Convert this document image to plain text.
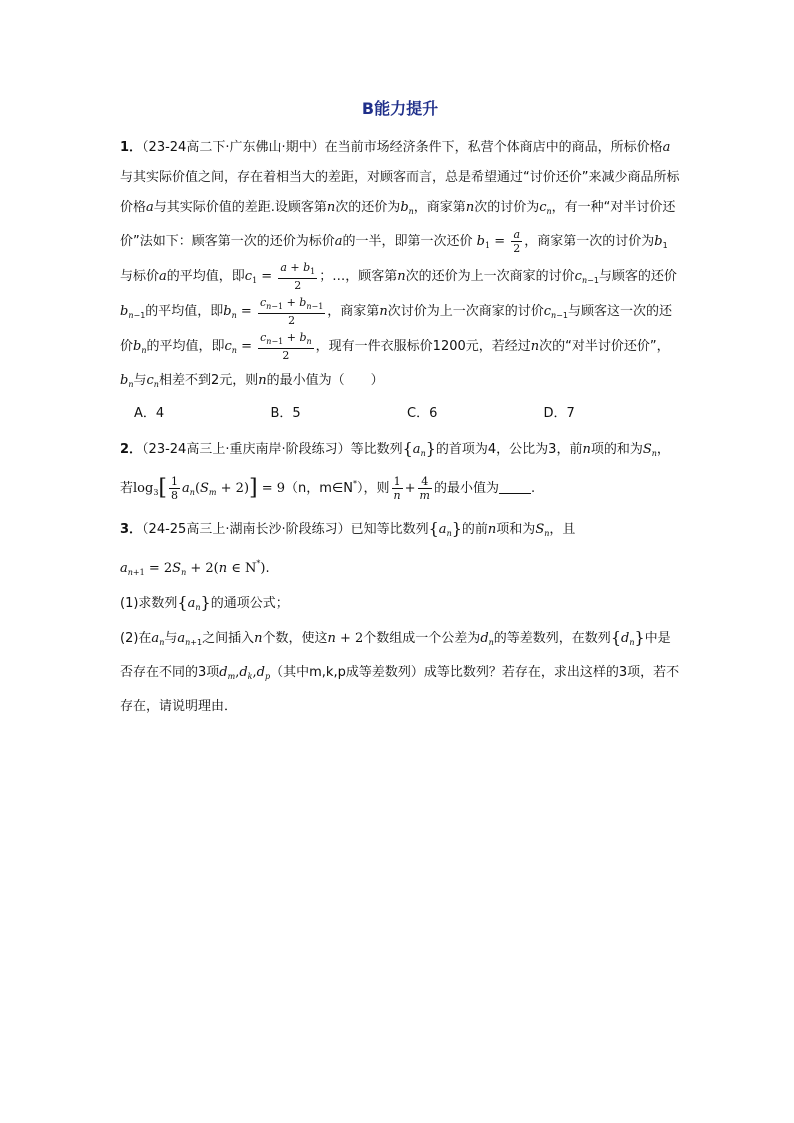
B能力提升
1．（23-24高二下·广东佛山·期中）在当前市场经济条件下，私营个体商店中的商品，所标价格a与其实际价值之间，存在着相当大的差距，对顾客而言，总是希望通过“讨价还价”来减少商品所标价格a与其实际价值的差距.设顾客第n次的还价为$b_n$，商家第n次的讨价为$c_n$，有一种“对半讨价还价”法如下：顾客第一次的还价为标价a的一半，即第一次还价 $b_1 = \frac{a}{2}$ ，商家第一次的讨价为$b_1$与标价a的平均值，即$c_1 = \frac{a + b_1}{2}$ ；…，顾客第n次的还价为上一次商家的讨价$c_{n-1}$与顾客的还价$b_{n-1}$的平均值，即$b_n = \frac{c_{n-1} + b_{n-1}}{2}$ ，商家第n次讨价为上一次商家的讨价$c_{n-1}$与顾客这一次的还价$b_n$的平均值，即$c_n = \frac{c_{n-1} + b_n}{2}$ ，现有一件衣服标价1200元，若经过n次的“对半讨价还价”，$b_n$与$c_n$相差不到2元，则n的最小值为（　　）
A．4	B．5	C．6	D．7
2．（23-24高三上·重庆南岸·阶段练习）等比数列$\{a_n\}$的首项为4，公比为3，前n项的和为$S_n$，若$\log_3[ \frac{1}{8} a_n(S_m + 2)] = 9(n$，m∈N*），则 $\frac{1}{n} + \frac{4}{m}$ 的最小值为 .
3．（24-25高三上·湖南长沙·阶段练习）已知等比数列$\{a_n\}$的前n项和为$S_n$，且
$a_{n+1} = 2S_n + 2(n$ ∈ N*).
(1)求数列$\{a_n\}$的通项公式；
(2)在$a_n$与$a_{n+1}$之间插入n个数，使这n + 2个数组成一个公差为$d_n$的等差数列，在数列$\{d_n\}$中是否存在不同的3项$d_m,d_k,d_p$（其中m,k,p成等差数列）成等比数列？若存在，求出这样的3项，若不存在，请说明理由．
